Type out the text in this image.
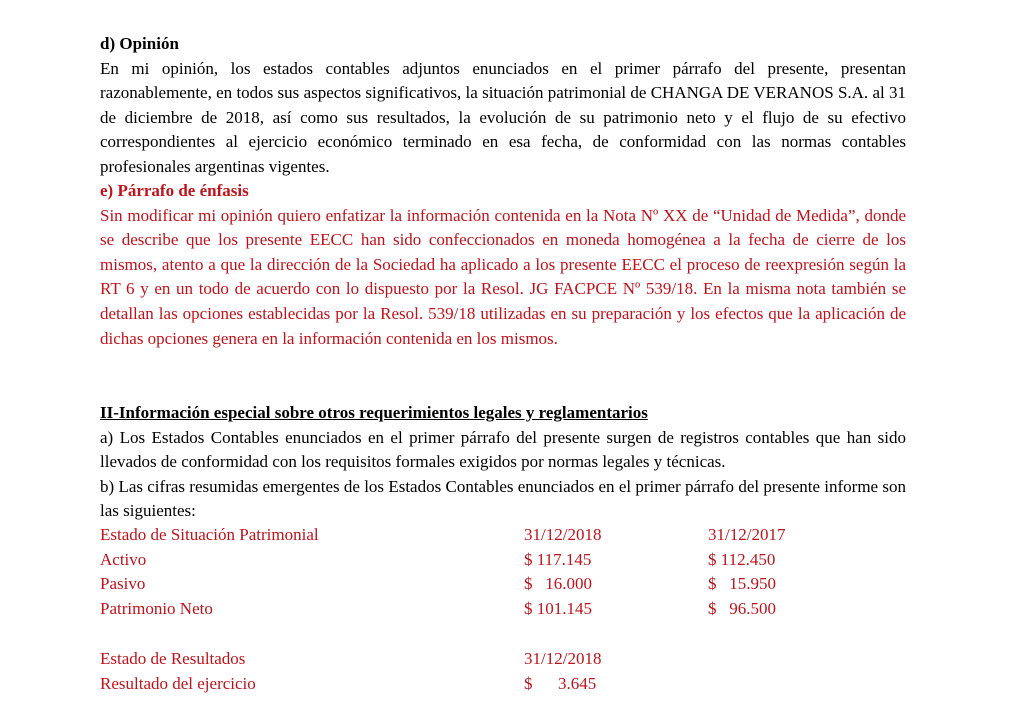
d) Opinión

En mi opinión, los estados contables adjuntos enunciados en el primer párrafo del presente, presentan razonablemente, en todos sus aspectos significativos, la situación patrimonial de CHANGA DE VERANOS S.A. al 31 de diciembre de 2018, así como sus resultados, la evolución de su patrimonio neto y el flujo de su efectivo correspondientes al ejercicio económico terminado en esa fecha, de conformidad con las normas contables profesionales argentinas vigentes.

e) Párrafo de énfasis

Sin modificar mi opinión quiero enfatizar la información contenida en la Nota Nº XX de “Unidad de Medida”, donde se describe que los presente EECC han sido confeccionados en moneda homogénea a la fecha de cierre de los mismos, atento a que la dirección de la Sociedad ha aplicado a los presente EECC el proceso de reexpresión según la RT 6 y en un todo de acuerdo con lo dispuesto por la Resol. JG FACPCE Nº 539/18. En la misma nota también se detallan las opciones establecidas por la Resol. 539/18 utilizadas en su preparación y los efectos que la aplicación de dichas opciones genera en la información contenida en los mismos.

II-Información especial sobre otros requerimientos legales y reglamentarios

a) Los Estados Contables enunciados en el primer párrafo del presente surgen de registros contables que han sido llevados de conformidad con los requisitos formales exigidos por normas legales y técnicas.

b) Las cifras resumidas emergentes de los Estados Contables enunciados en el primer párrafo del presente informe son las siguientes:

Estado de Situación Patrimonial	31/12/2018	31/12/2017
Activo	$ 117.145	$ 112.450
Pasivo	$   16.000	$   15.950
Patrimonio Neto	$ 101.145	$   96.500
Estado de Resultados	31/12/2018
Resultado del ejercicio	$      3.645
